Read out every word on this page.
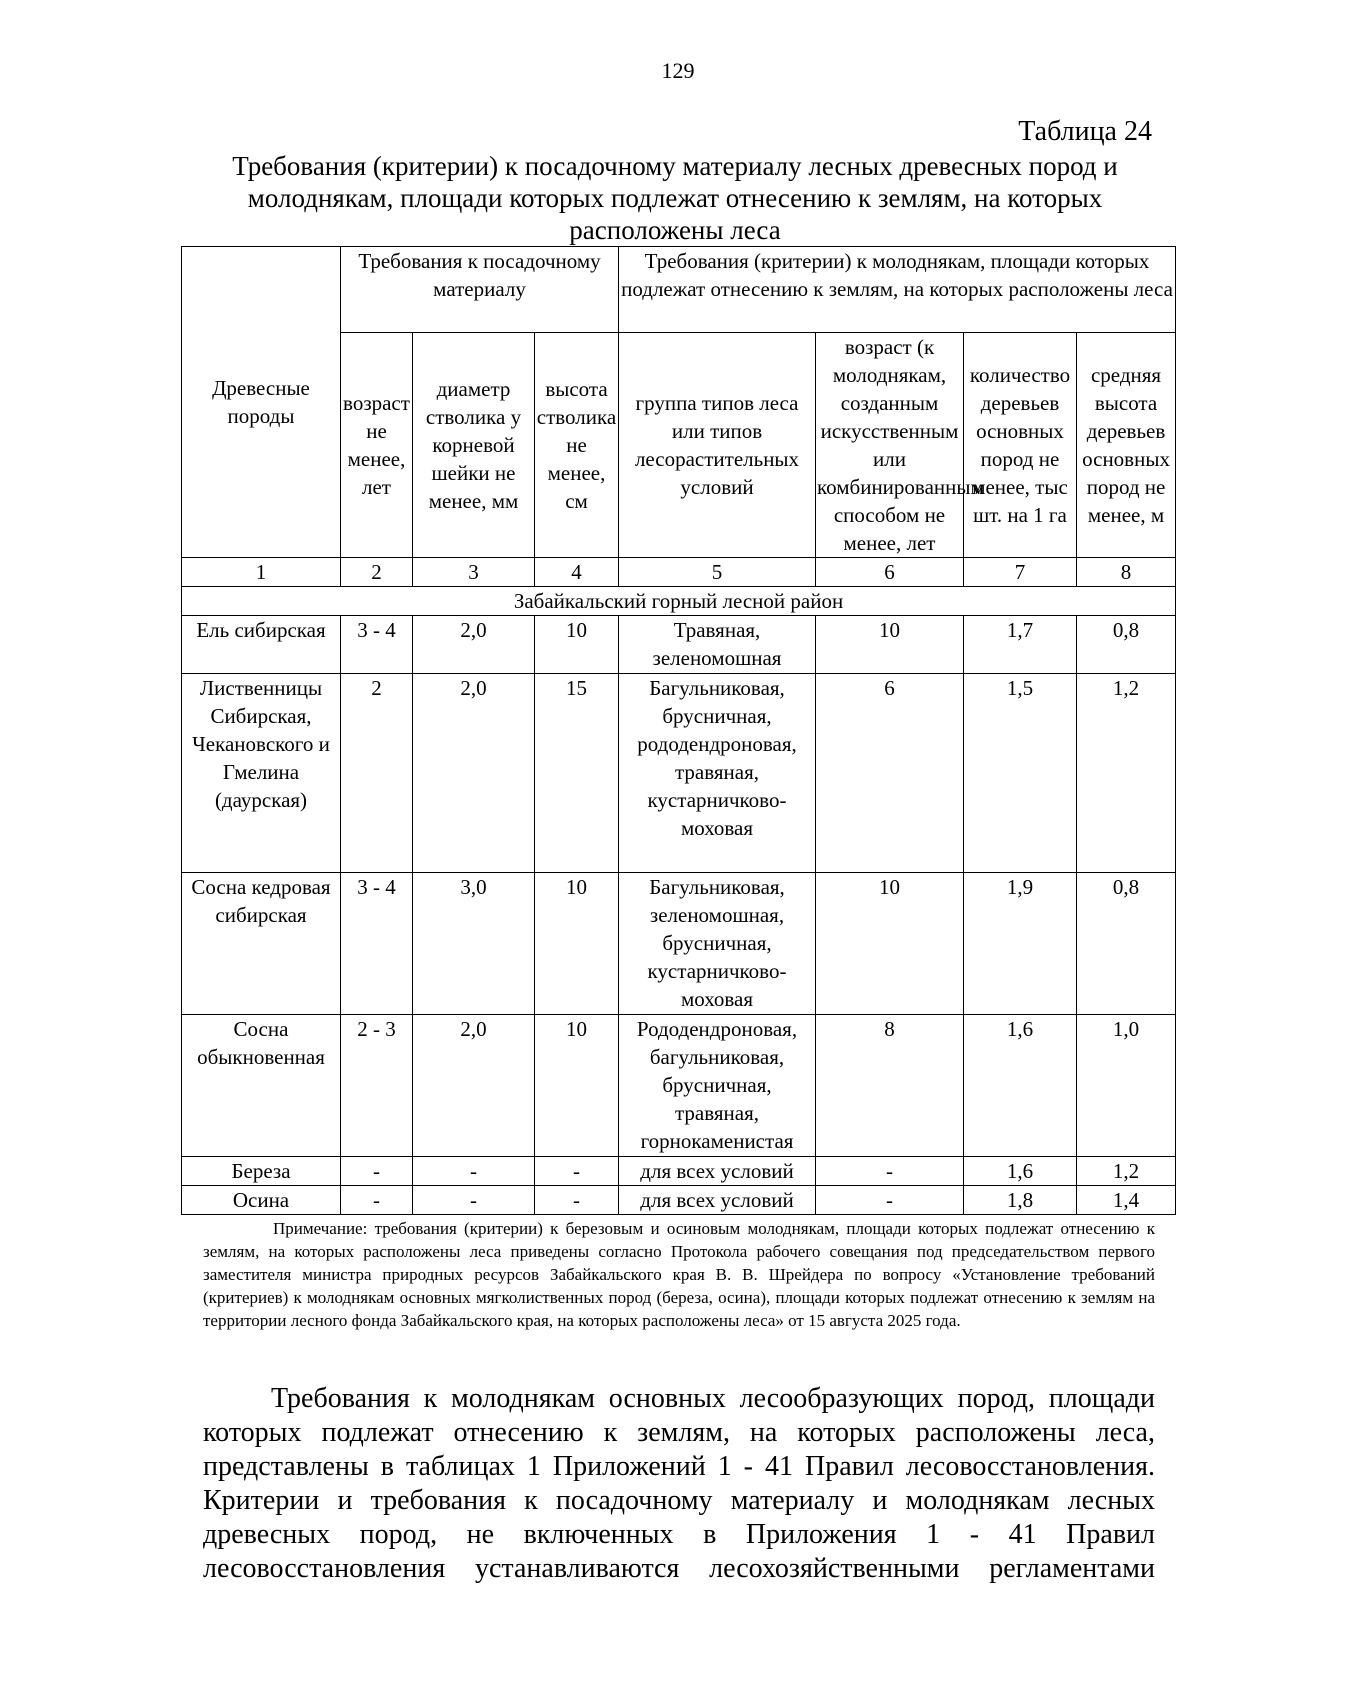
129
Таблица 24
Требования (критерии) к посадочному материалу лесных древесных пород и молоднякам, площади которых подлежат отнесению к землям, на которых расположены леса
Древесные породы	Требования к посадочному материалу			Требования (критерии) к молоднякам, площади которых подлежат отнесению к землям, на которых расположены леса			
	возраст не менее, лет	диаметр стволика у корневой шейки не менее, мм	высота стволика не менее, см	группа типов леса или типов лесорастительных условий	возраст (к молоднякам, созданным искусственным или комбинированным способом не менее, лет	количество деревьев основных пород не менее, тыс шт. на 1 га	средняя высота деревьев основных пород не менее, м
1	2	3	4	5	6	7	8
Забайкальский горный лесной район							
Ель сибирская	3 - 4	2,0	10	Травяная, зеленомошная	10	1,7	0,8
Лиственницы Сибирская, Чекановского и Гмелина (даурская)	2	2,0	15	Багульниковая, брусничная, рододендроновая, травяная, кустарничково-моховая	6	1,5	1,2
Сосна кедровая сибирская	3 - 4	3,0	10	Багульниковая, зеленомошная, брусничная, кустарничково-моховая	10	1,9	0,8
Сосна обыкновенная	2 - 3	2,0	10	Рододендроновая, багульниковая, брусничная, травяная, горнокаменистая	8	1,6	1,0
Береза	-	-	-	для всех условий	-	1,6	1,2
Осина	-	-	-	для всех условий	-	1,8	1,4
Примечание: требования (критерии) к березовым и осиновым молоднякам, площади которых подлежат отнесению к землям, на которых расположены леса приведены согласно Протокола рабочего совещания под председательством первого заместителя министра природных ресурсов Забайкальского края В. В. Шрейдера по вопросу «Установление требований (критериев) к молоднякам основных мягколиственных пород (береза, осина), площади которых подлежат отнесению к землям на территории лесного фонда Забайкальского края, на которых расположены леса» от 15 августа 2025 года.
Требования к молоднякам основных лесообразующих пород, площади которых подлежат отнесению к землям, на которых расположены леса, представлены в таблицах 1 Приложений 1 - 41 Правил лесовосстановления. Критерии и требования к посадочному материалу и молоднякам лесных древесных пород, не включенных в Приложения 1 - 41 Правил лесовосстановления устанавливаются лесохозяйственными регламентами
